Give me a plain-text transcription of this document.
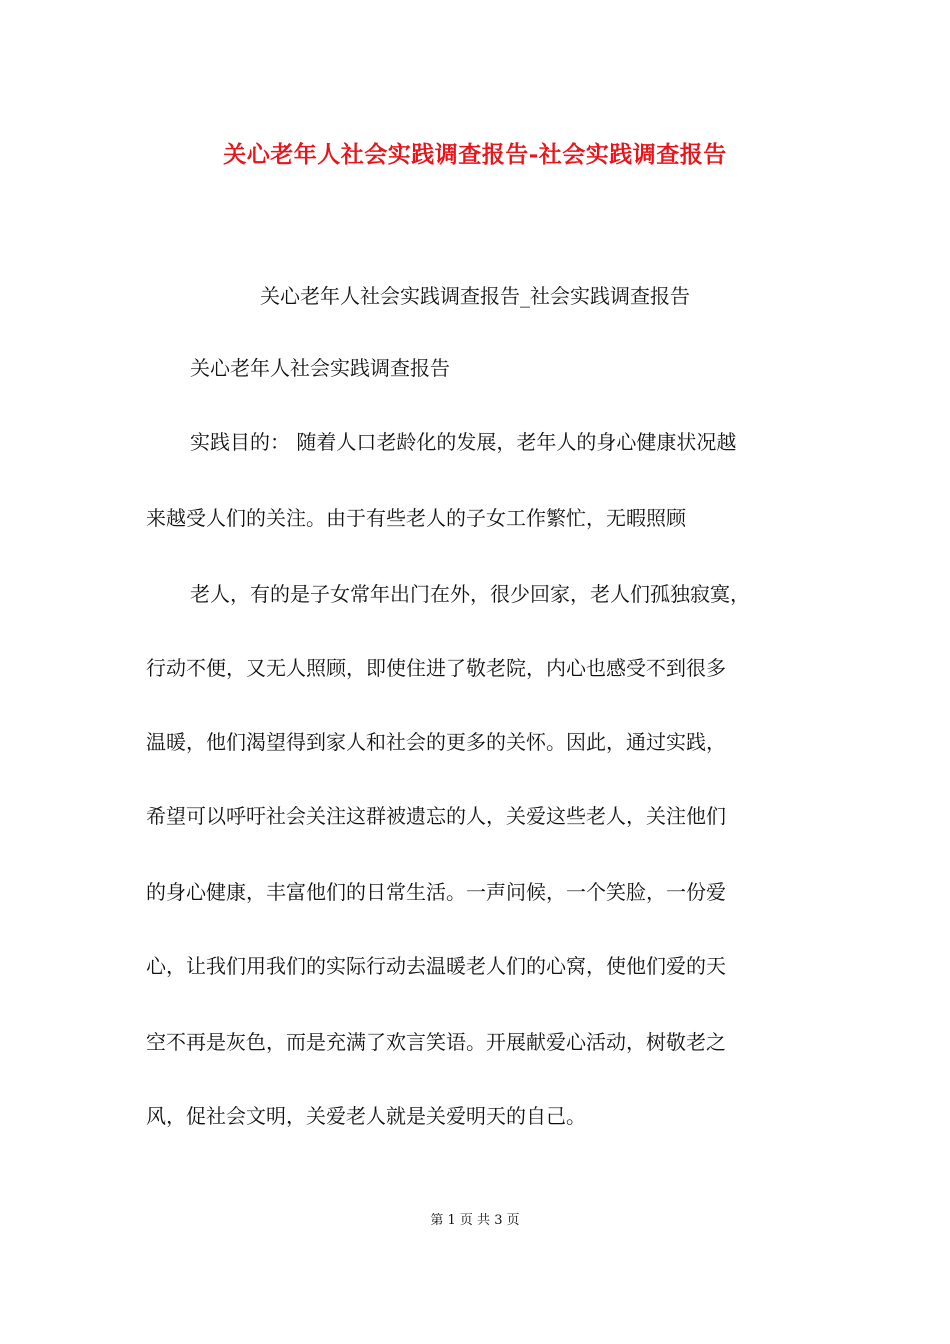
关心老年人社会实践调查报告-社会实践调查报告
关心老年人社会实践调查报告_社会实践调查报告
关心老年人社会实践调查报告
实践目的： 随着人口老龄化的发展，老年人的身心健康状况越
来越受人们的关注。由于有些老人的子女工作繁忙，无暇照顾
老人，有的是子女常年出门在外，很少回家，老人们孤独寂寞，
行动不便，又无人照顾，即使住进了敬老院，内心也感受不到很多
温暖，他们渴望得到家人和社会的更多的关怀。因此，通过实践，
希望可以呼吁社会关注这群被遗忘的人，关爱这些老人，关注他们
的身心健康，丰富他们的日常生活。一声问候，一个笑脸，一份爱
心，让我们用我们的实际行动去温暖老人们的心窝，使他们爱的天
空不再是灰色，而是充满了欢言笑语。开展献爱心活动，树敬老之
风，促社会文明，关爱老人就是关爱明天的自己。
第 1 页 共 3 页
